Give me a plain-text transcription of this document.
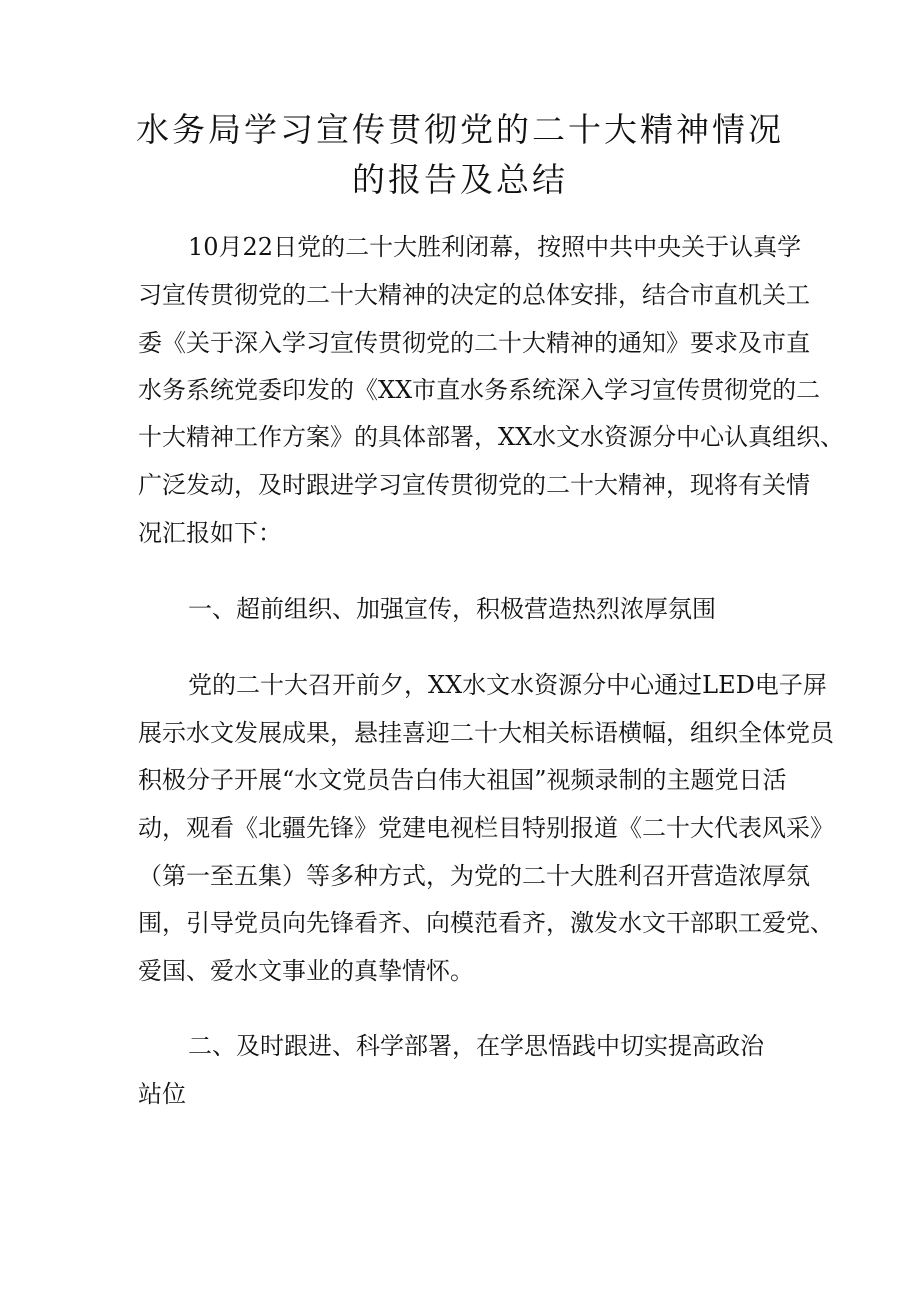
水务局学习宣传贯彻党的二十大精神情况
的报告及总结

10月22日党的二十大胜利闭幕，按照中共中央关于认真学

习宣传贯彻党的二十大精神的决定的总体安排，结合市直机关工

委《关于深入学习宣传贯彻党的二十大精神的通知》要求及市直

水务系统党委印发的《XX市直水务系统深入学习宣传贯彻党的二

十大精神工作方案》的具体部署，XX水文水资源分中心认真组织、

广泛发动，及时跟进学习宣传贯彻党的二十大精神，现将有关情

况汇报如下：

一、超前组织、加强宣传，积极营造热烈浓厚氛围

党的二十大召开前夕，XX水文水资源分中心通过LED电子屏

展示水文发展成果，悬挂喜迎二十大相关标语横幅，组织全体党员

积极分子开展“水文党员告白伟大祖国”视频录制的主题党日活

动，观看《北疆先锋》党建电视栏目特别报道《二十大代表风采》

（第一至五集）等多种方式，为党的二十大胜利召开营造浓厚氛

围，引导党员向先锋看齐、向模范看齐，激发水文干部职工爱党、

爱国、爱水文事业的真挚情怀。

二、及时跟进、科学部署，在学思悟践中切实提高政治

站位
